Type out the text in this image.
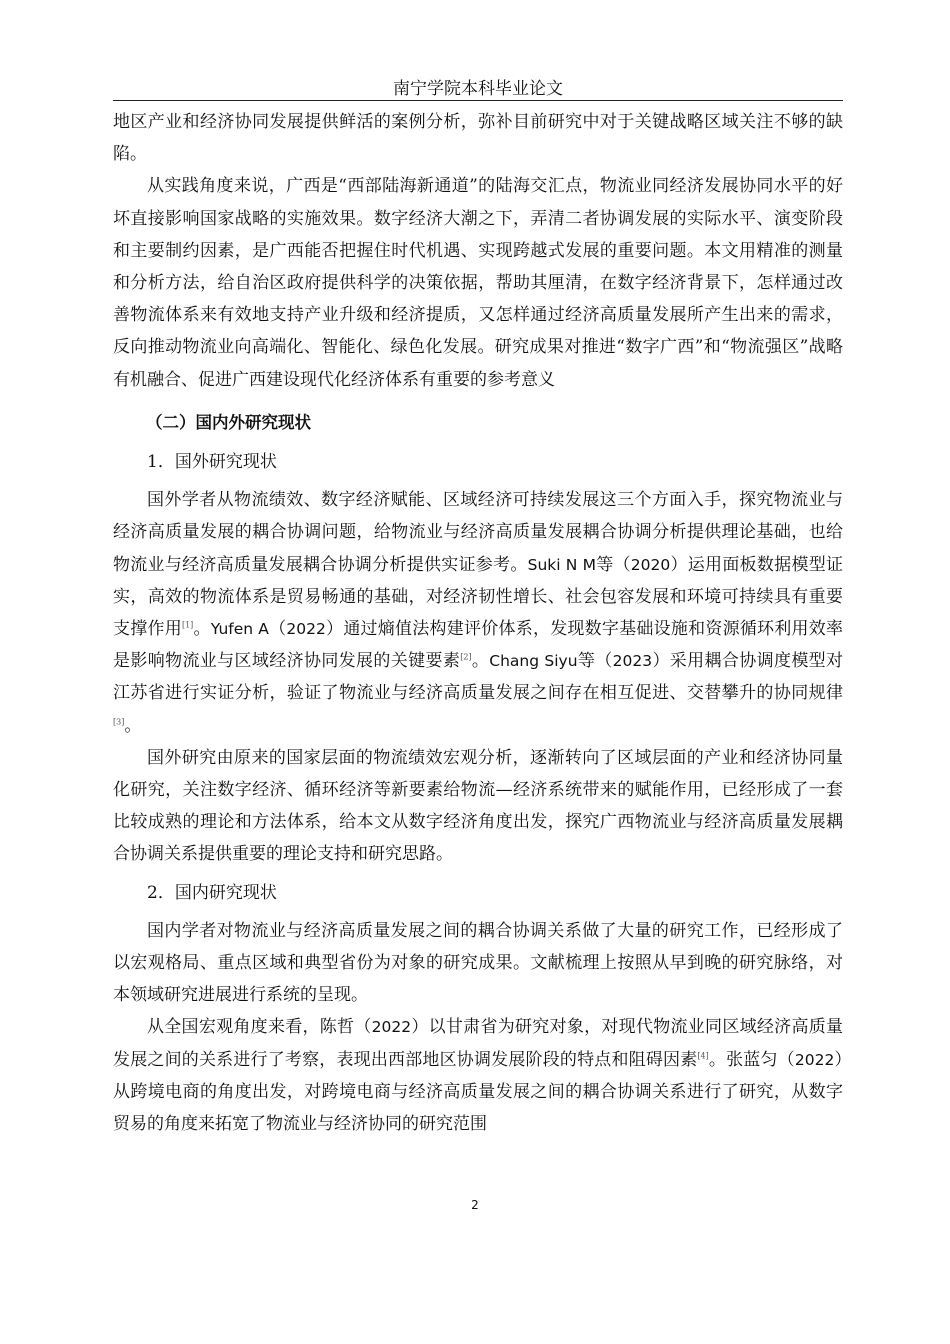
南宁学院本科毕业论文

地区产业和经济协同发展提供鲜活的案例分析，弥补目前研究中对于关键战略区域关注不够的缺陷。

从实践角度来说，广西是“西部陆海新通道”的陆海交汇点，物流业同经济发展协同水平的好坏直接影响国家战略的实施效果。数字经济大潮之下，弄清二者协调发展的实际水平、演变阶段和主要制约因素，是广西能否把握住时代机遇、实现跨越式发展的重要问题。本文用精准的测量和分析方法，给自治区政府提供科学的决策依据，帮助其厘清，在数字经济背景下，怎样通过改善物流体系来有效地支持产业升级和经济提质，又怎样通过经济高质量发展所产生出来的需求，反向推动物流业向高端化、智能化、绿色化发展。研究成果对推进“数字广西”和“物流强区”战略有机融合、促进广西建设现代化经济体系有重要的参考意义

（二）国内外研究现状

1．国外研究现状

国外学者从物流绩效、数字经济赋能、区域经济可持续发展这三个方面入手，探究物流业与经济高质量发展的耦合协调问题，给物流业与经济高质量发展耦合协调分析提供理论基础，也给物流业与经济高质量发展耦合协调分析提供实证参考。Suki N M等（2020）运用面板数据模型证实，高效的物流体系是贸易畅通的基础，对经济韧性增长、社会包容发展和环境可持续具有重要支撑作用[1]。Yufen A（2022）通过熵值法构建评价体系，发现数字基础设施和资源循环利用效率是影响物流业与区域经济协同发展的关键要素[2]。Chang Siyu等（2023）采用耦合协调度模型对江苏省进行实证分析，验证了物流业与经济高质量发展之间存在相互促进、交替攀升的协同规律[3]。

国外研究由原来的国家层面的物流绩效宏观分析，逐渐转向了区域层面的产业和经济协同量化研究，关注数字经济、循环经济等新要素给物流—经济系统带来的赋能作用，已经形成了一套比较成熟的理论和方法体系，给本文从数字经济角度出发，探究广西物流业与经济高质量发展耦合协调关系提供重要的理论支持和研究思路。

2．国内研究现状

国内学者对物流业与经济高质量发展之间的耦合协调关系做了大量的研究工作，已经形成了以宏观格局、重点区域和典型省份为对象的研究成果。文献梳理上按照从早到晚的研究脉络，对本领域研究进展进行系统的呈现。

从全国宏观角度来看，陈哲（2022）以甘肃省为研究对象，对现代物流业同区域经济高质量发展之间的关系进行了考察，表现出西部地区协调发展阶段的特点和阻碍因素[4]。张蓝匀（2022）从跨境电商的角度出发，对跨境电商与经济高质量发展之间的耦合协调关系进行了研究，从数字贸易的角度来拓宽了物流业与经济协同的研究范围

2
